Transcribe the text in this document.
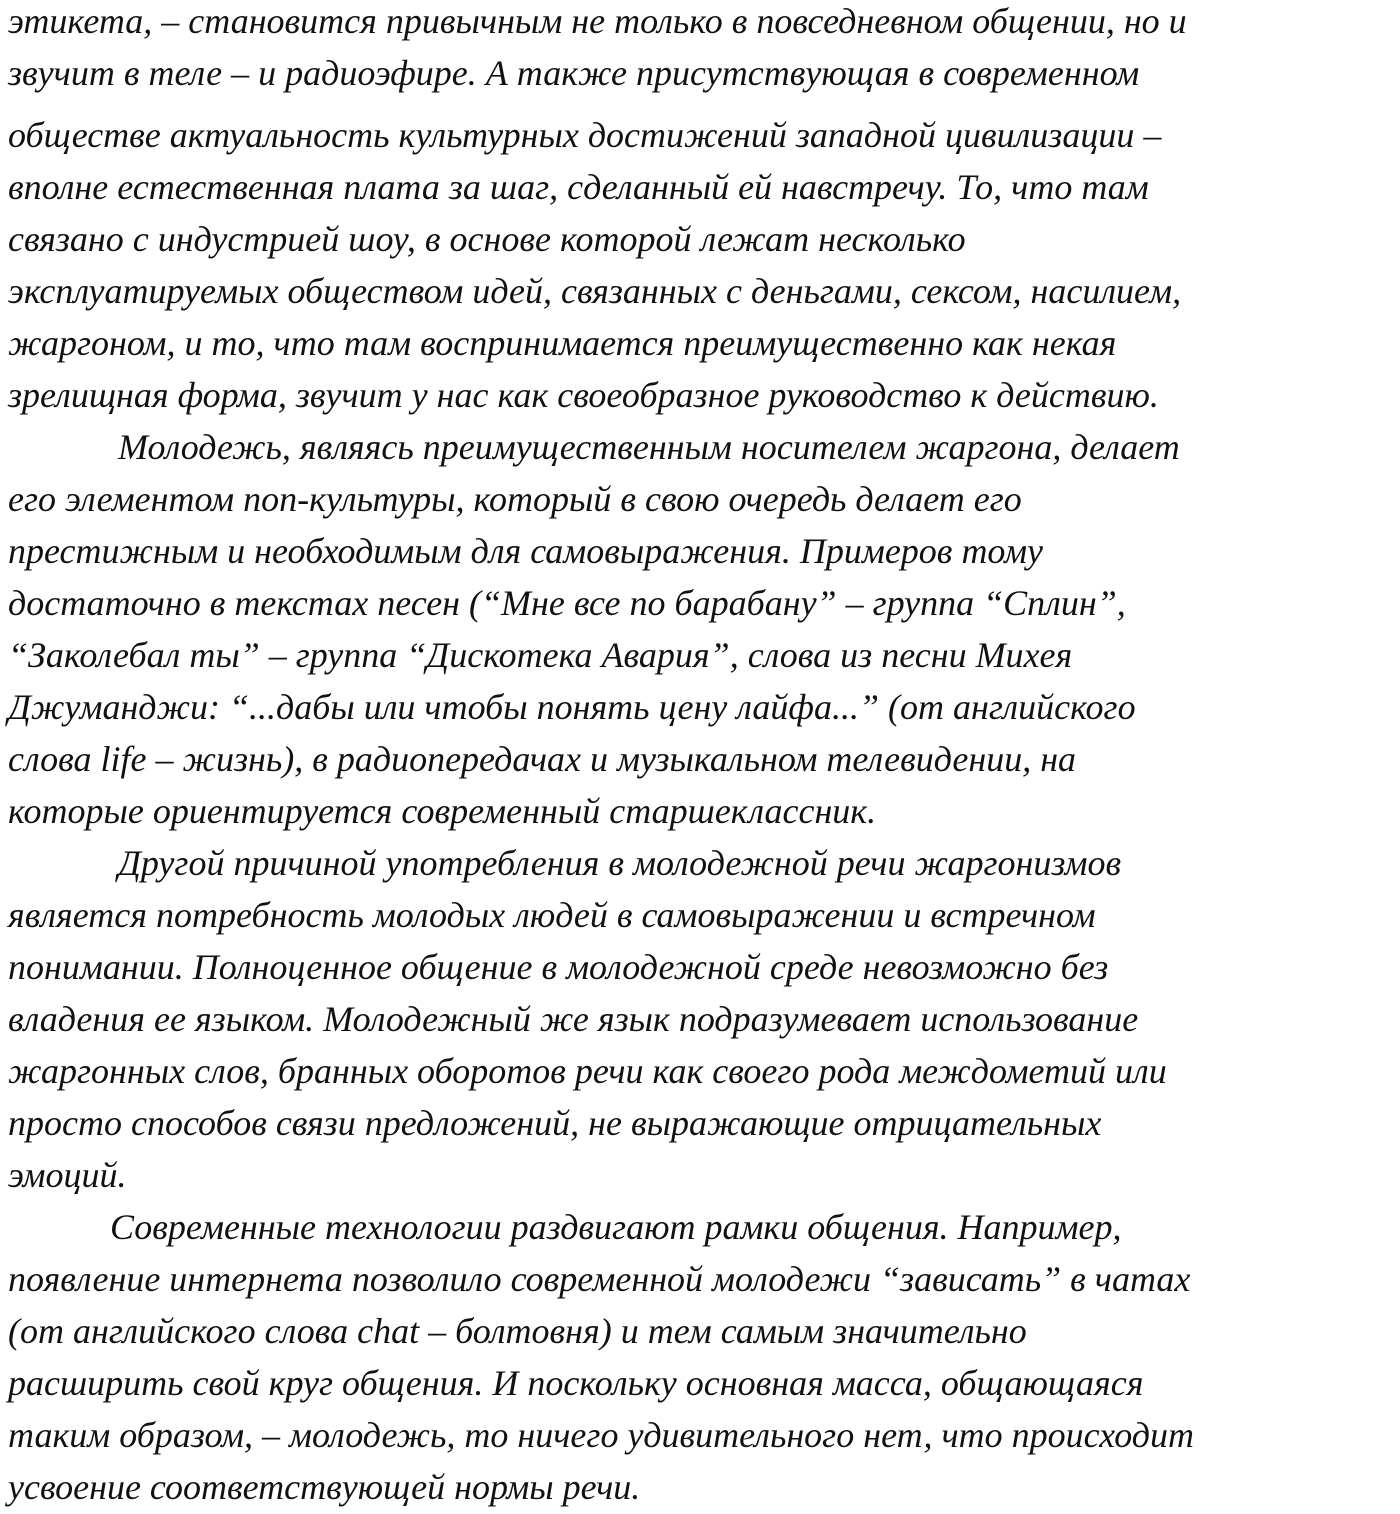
этикета, – становится привычным не только в повседневном общении, но и
звучит в теле – и радиоэфире. А также присутствующая в современном
обществе актуальность культурных достижений западной цивилизации –
вполне естественная плата за шаг, сделанный ей навстречу. То, что там
связано с индустрией шоу, в основе которой лежат несколько
эксплуатируемых обществом идей, связанных с деньгами, сексом, насилием,
жаргоном, и то, что там воспринимается преимущественно как некая
зрелищная форма, звучит у нас как своеобразное руководство к действию.
Молодежь, являясь преимущественным носителем жаргона, делает
его элементом поп-культуры, который в свою очередь делает его
престижным и необходимым для самовыражения. Примеров тому
достаточно в текстах песен (“Мне все по барабану” – группа “Сплин”,
“Заколебал ты” – группа “Дискотека Авария”, слова из песни Михея
Джуманджи: “...дабы или чтобы понять цену лайфа...” (от английского
слова life – жизнь), в радиопередачах и музыкальном телевидении, на
которые ориентируется современный старшеклассник.
Другой причиной употребления в молодежной речи жаргонизмов
является потребность молодых людей в самовыражении и встречном
понимании. Полноценное общение в молодежной среде невозможно без
владения ее языком. Молодежный же язык подразумевает использование
жаргонных слов, бранных оборотов речи как своего рода междометий или
просто способов связи предложений, не выражающие отрицательных
эмоций.
Современные технологии раздвигают рамки общения. Например,
появление интернета позволило современной молодежи “зависать” в чатах
(от английского слова chat – болтовня) и тем самым значительно
расширить свой круг общения. И поскольку основная масса, общающаяся
таким образом, – молодежь, то ничего удивительного нет, что происходит
усвоение соответствующей нормы речи.
